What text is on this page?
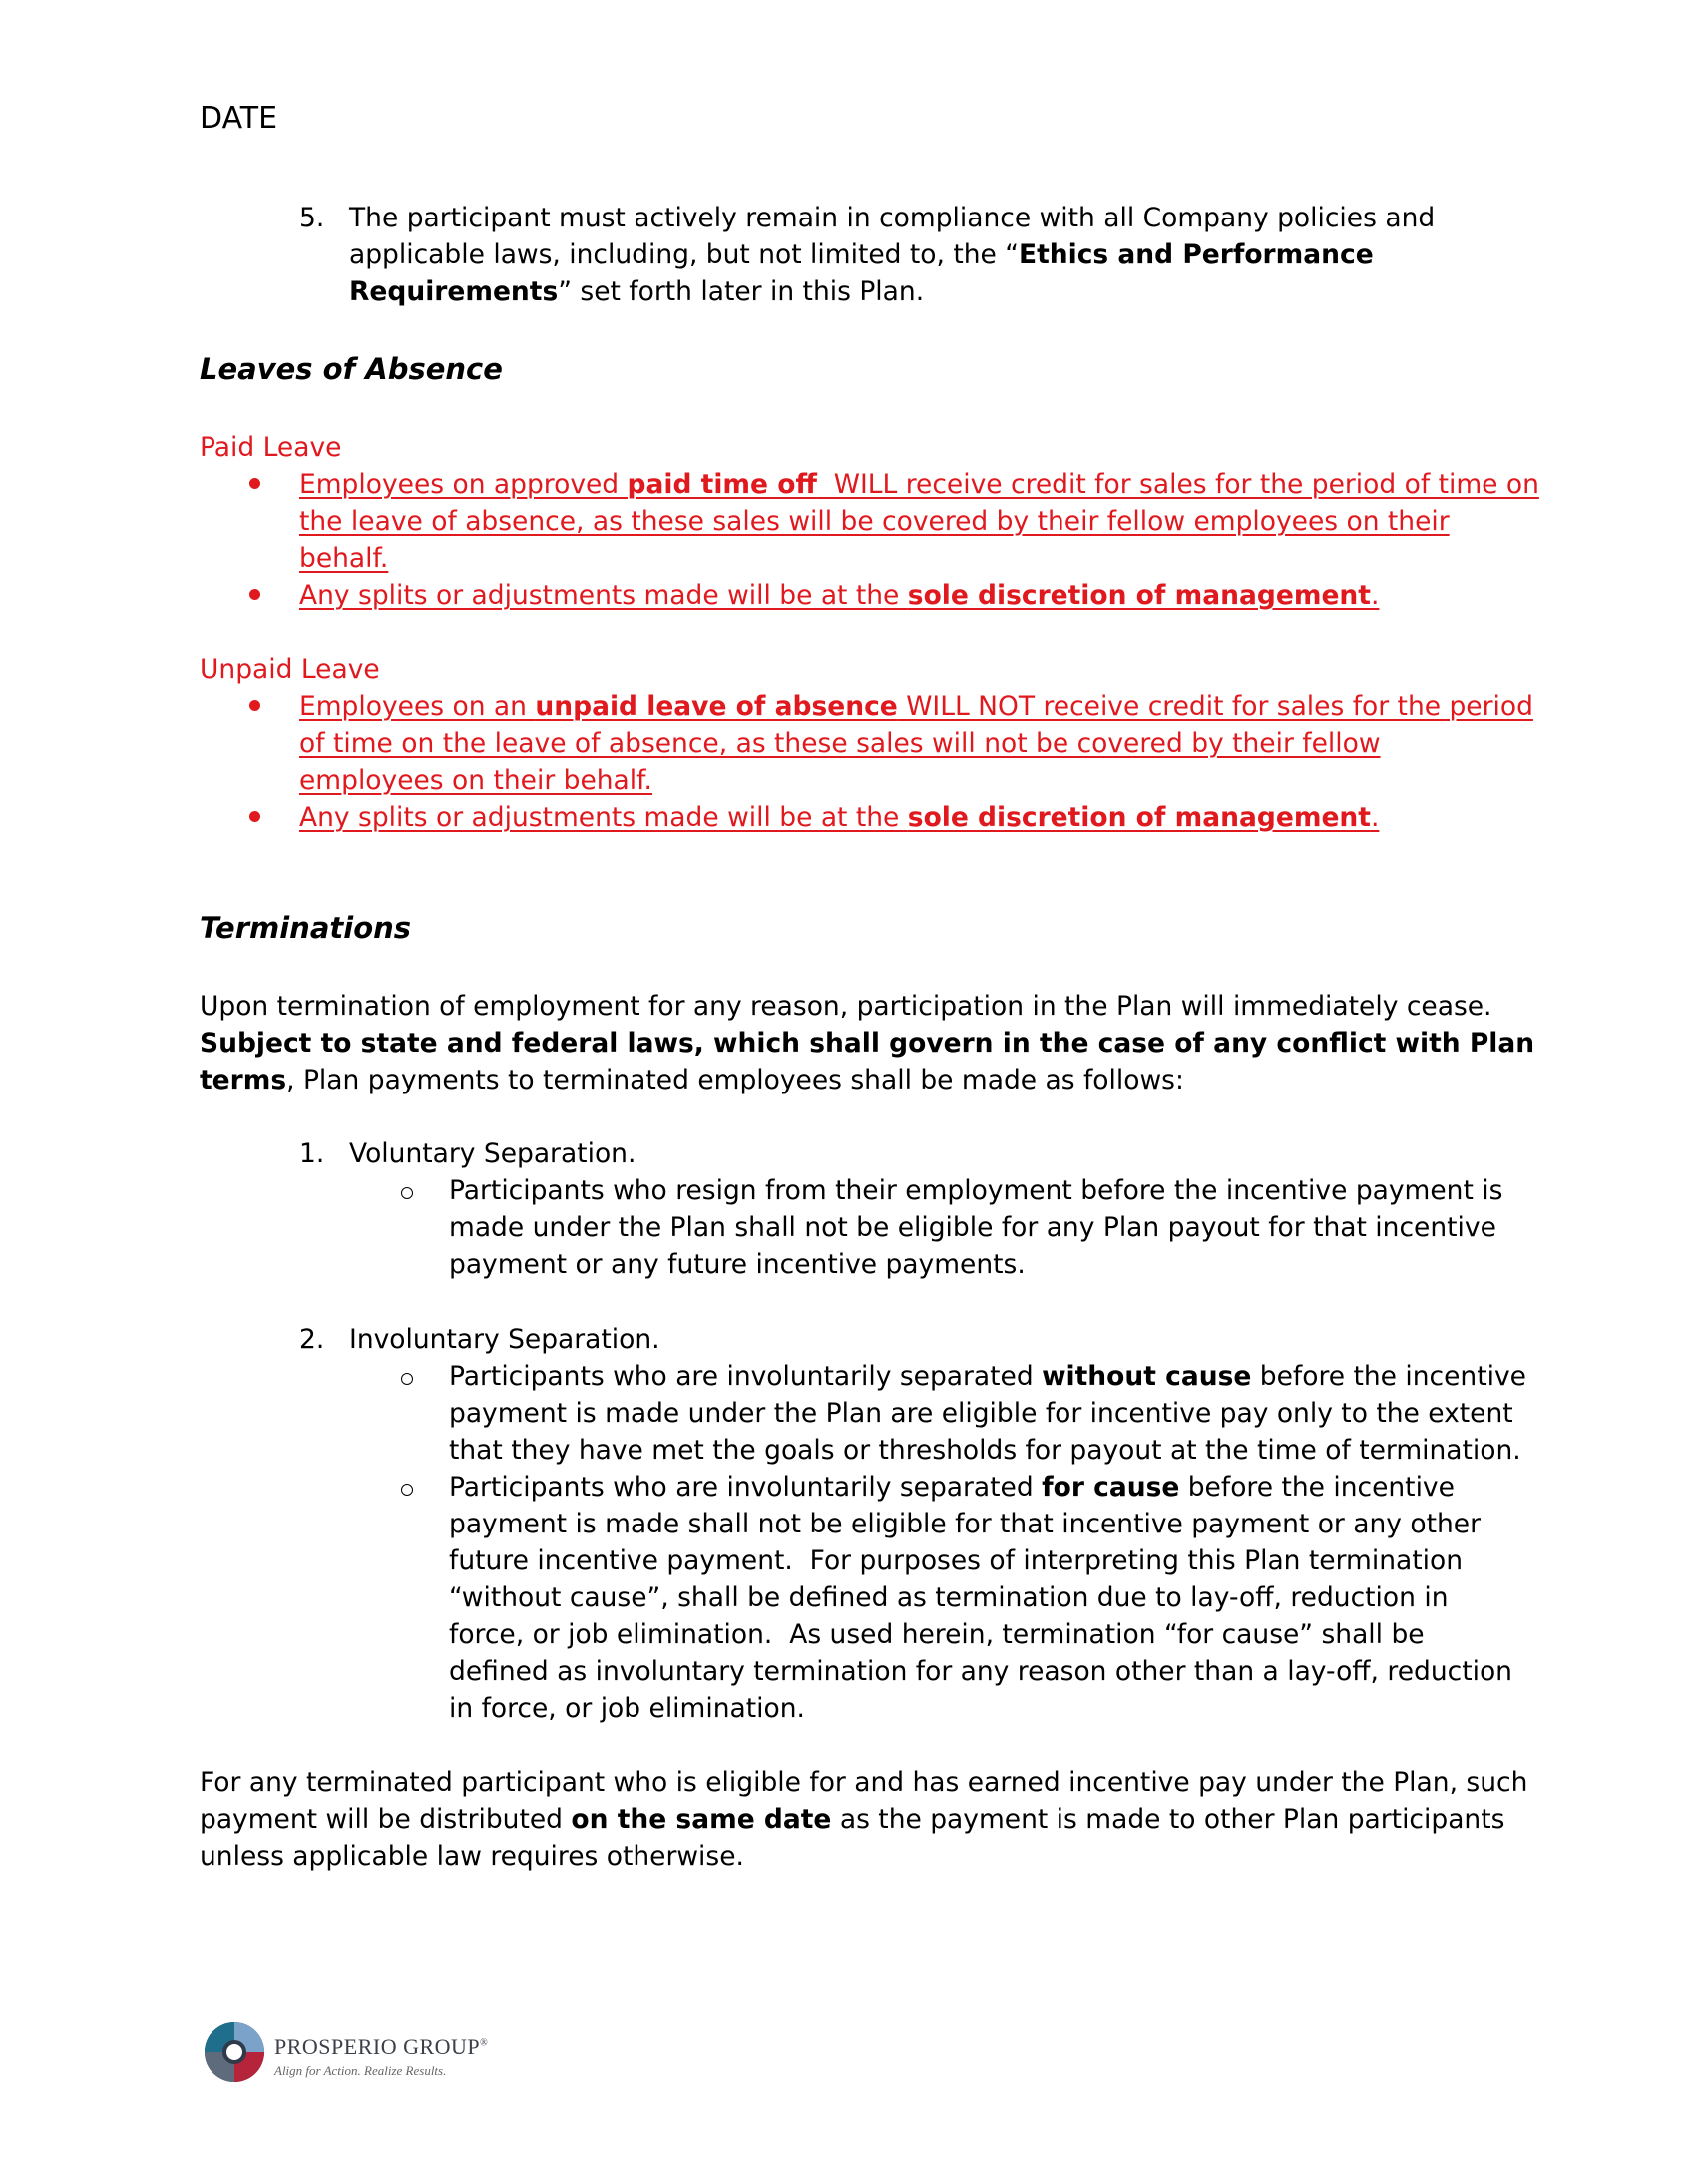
DATE
5. The participant must actively remain in compliance with all Company policies and
applicable laws, including, but not limited to, the “Ethics and Performance
Requirements” set forth later in this Plan.
Leaves of Absence
Paid Leave
Employees on approved paid time off  WILL receive credit for sales for the period of time on
the leave of absence, as these sales will be covered by their fellow employees on their
behalf.
Any splits or adjustments made will be at the sole discretion of management.
Unpaid Leave
Employees on an unpaid leave of absence WILL NOT receive credit for sales for the period
of time on the leave of absence, as these sales will not be covered by their fellow
employees on their behalf.
Any splits or adjustments made will be at the sole discretion of management.
Terminations
Upon termination of employment for any reason, participation in the Plan will immediately cease.
Subject to state and federal laws, which shall govern in the case of any conflict with Plan
terms, Plan payments to terminated employees shall be made as follows:
1. Voluntary Separation.
Participants who resign from their employment before the incentive payment is
made under the Plan shall not be eligible for any Plan payout for that incentive
payment or any future incentive payments.
2. Involuntary Separation.
Participants who are involuntarily separated without cause before the incentive
payment is made under the Plan are eligible for incentive pay only to the extent
that they have met the goals or thresholds for payout at the time of termination.
Participants who are involuntarily separated for cause before the incentive
payment is made shall not be eligible for that incentive payment or any other
future incentive payment.  For purposes of interpreting this Plan termination
“without cause”, shall be defined as termination due to lay-off, reduction in
force, or job elimination.  As used herein, termination “for cause” shall be
defined as involuntary termination for any reason other than a lay-off, reduction
in force, or job elimination.
For any terminated participant who is eligible for and has earned incentive pay under the Plan, such
payment will be distributed on the same date as the payment is made to other Plan participants
unless applicable law requires otherwise.
PROSPERIO GROUP®
Align for Action. Realize Results.
